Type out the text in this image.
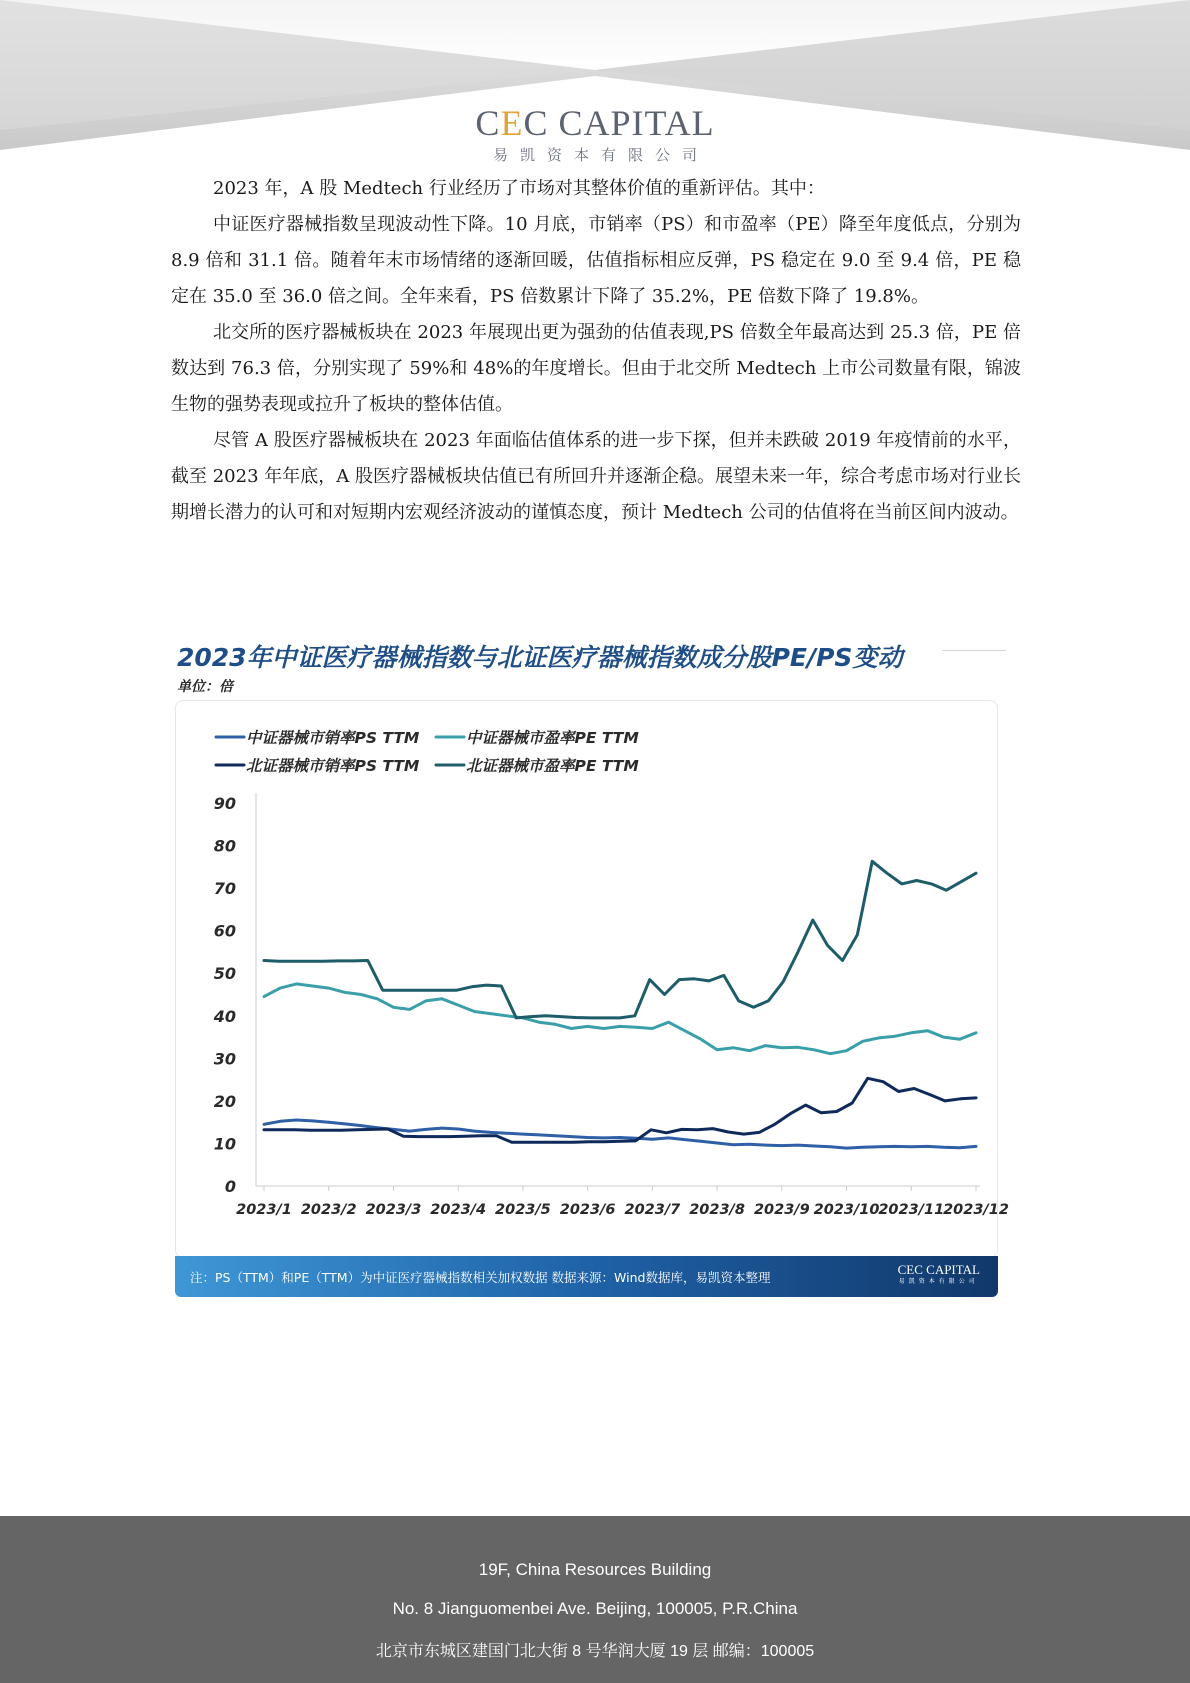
CEC CAPITAL
易凯资本有限公司

2023 年，A 股 Medtech 行业经历了市场对其整体价值的重新评估。其中：

中证医疗器械指数呈现波动性下降。10 月底，市销率（PS）和市盈率（PE）降至年度低点，分别为 8.9 倍和 31.1 倍。随着年末市场情绪的逐渐回暖，估值指标相应反弹，PS 稳定在 9.0 至 9.4 倍，PE 稳定在 35.0 至 36.0 倍之间。全年来看，PS 倍数累计下降了 35.2%，PE 倍数下降了 19.8%。

北交所的医疗器械板块在 2023 年展现出更为强劲的估值表现,PS 倍数全年最高达到 25.3 倍，PE 倍数达到 76.3 倍，分别实现了 59%和 48%的年度增长。但由于北交所 Medtech 上市公司数量有限，锦波生物的强势表现或拉升了板块的整体估值。

尽管 A 股医疗器械板块在 2023 年面临估值体系的进一步下探，但并未跌破 2019 年疫情前的水平，截至 2023 年年底，A 股医疗器械板块估值已有所回升并逐渐企稳。展望未来一年，综合考虑市场对行业长期增长潜力的认可和对短期内宏观经济波动的谨慎态度，预计 Medtech 公司的估值将在当前区间内波动。

2023年中证医疗器械指数与北证医疗器械指数成分股PE/PS变动
单位：倍
0
10
20
30
40
50
60
70
80
90
2023/1 2023/2 2023/3 2023/4 2023/5 2023/6 2023/7 2023/8 2023/9 2023/10
2023/11
2023/12
中证器械市销率PS TTM	中证器械市盈率PE TTM
北证器械市销率PS TTM	北证器械市盈率PE TTM
注：PS（TTM）和PE（TTM）为中证医疗器械指数相关加权数据 数据来源：Wind数据库，易凯资本整理
CEC CAPITAL
易凯资本有限公司
19F, China Resources Building
No. 8 Jianguomenbei Ave. Beijing, 100005, P.R.China
北京市东城区建国门北大街 8 号华润大厦 19 层 邮编：100005
